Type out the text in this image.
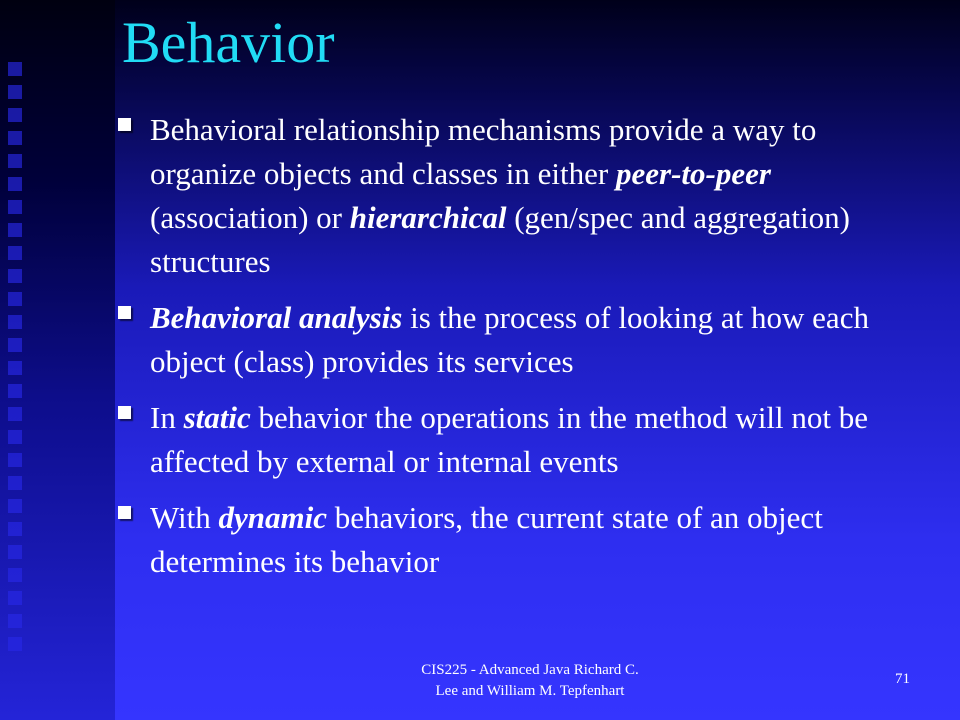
Behavior
Behavioral relationship mechanisms provide a way to organize objects and classes in either peer-to-peer (association) or hierarchical (gen/spec and aggregation) structures
Behavioral analysis is the process of looking at how each object (class) provides its services
In static behavior the operations in the method will not be affected by external or internal events
With dynamic behaviors, the current state of an object determines its behavior
CIS225 - Advanced Java Richard C.
Lee and William M. Tepfenhart
71
